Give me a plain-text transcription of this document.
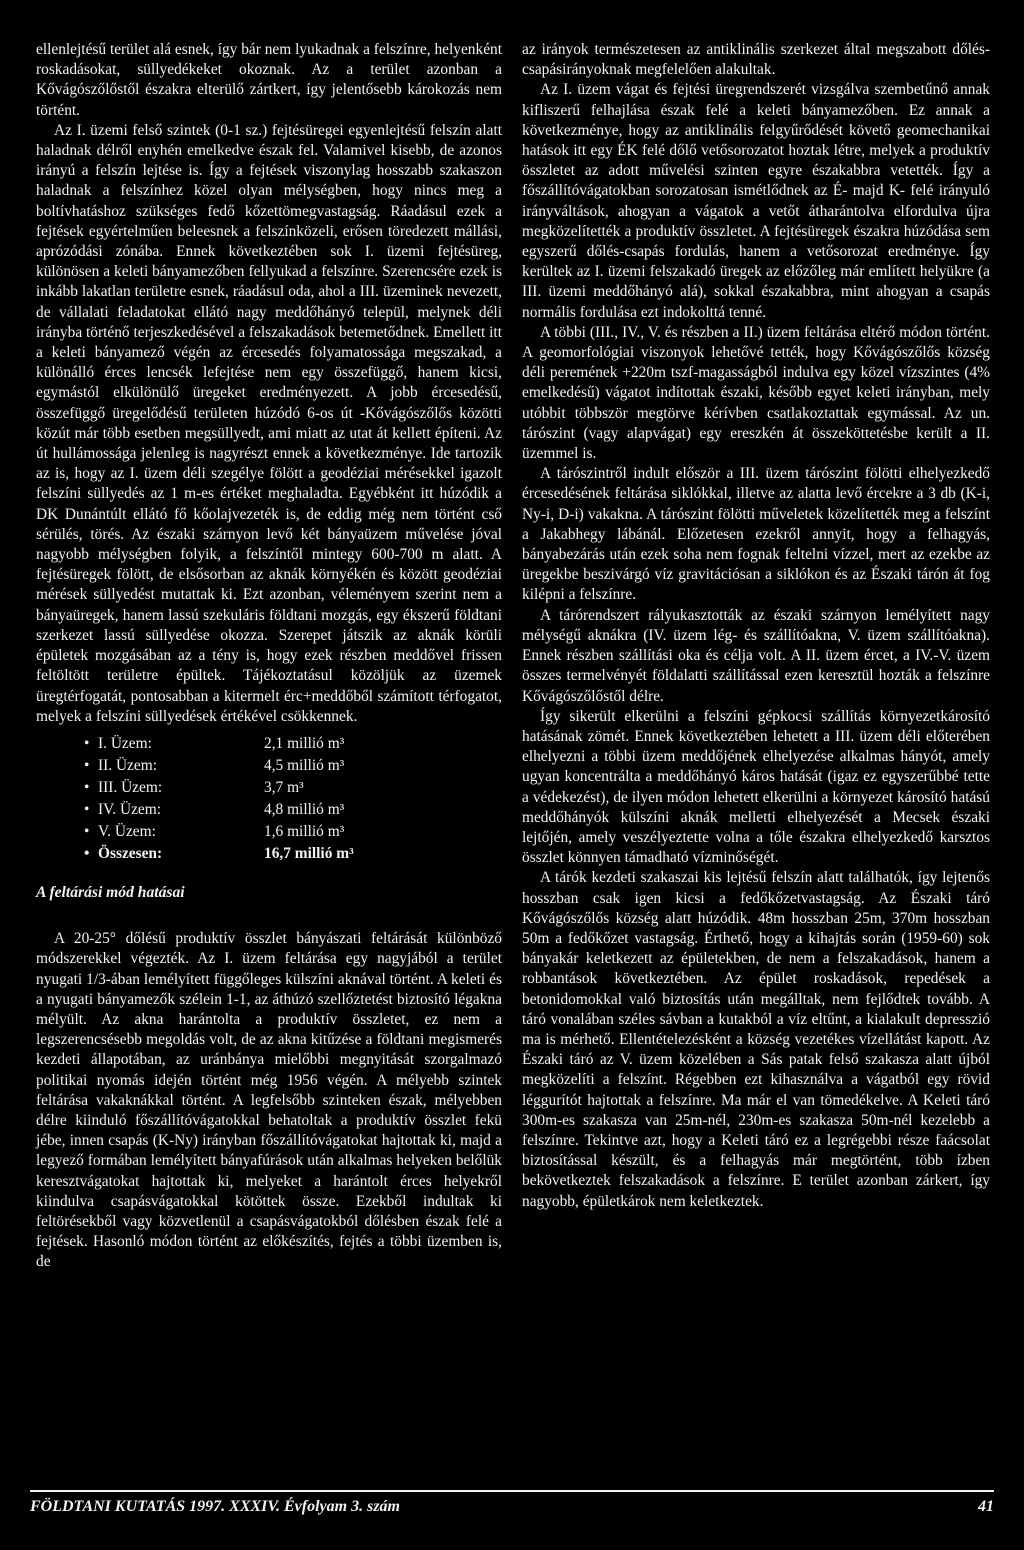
ellenlejtésű terület alá esnek, így bár nem lyukadnak a felszínre, helyenként roskadásokat, süllyedékeket okoznak. Az a terület azonban a Kővágószőlőstől északra elterülő zártkert, így jelentősebb károkozás nem történt.

Az I. üzemi felső szintek (0-1 sz.) fejtésüregei egyenlejtésű felszín alatt haladnak délről enyhén emelkedve észak fel. Valamivel kisebb, de azonos irányú a felszín lejtése is. Így a fejtések viszonylag hosszabb szakaszon haladnak a felszínhez közel olyan mélységben, hogy nincs meg a boltívhatáshoz szükséges fedő kőzettömegvastagság. Ráadásul ezek a fejtések egyértelműen beleesnek a felszínközeli, erősen töredezett mállási, aprózódási zónába. Ennek következtében sok I. üzemi fejtésüreg, különösen a keleti bányamezőben fellyukad a felszínre. Szerencsére ezek is inkább lakatlan területre esnek, ráadásul oda, ahol a III. üzeminek nevezett, de vállalati feladatokat ellátó nagy meddőhányó települ, melynek déli irányba történő terjeszkedésével a felszakadások betemetődnek. Emellett itt a keleti bányamező végén az ércesedés folyamatossága megszakad, a különálló érces lencsék lefejtése nem egy összefüggő, hanem kicsi, egymástól elkülönülő üregeket eredményezett. A jobb ércesedésű, összefüggő üregelődésű területen húzódó 6-os út -Kővágószőlős közötti közút már több esetben megsüllyedt, ami miatt az utat át kellett építeni. Az út hullámossága jelenleg is nagyrészt ennek a következménye. Ide tartozik az is, hogy az I. üzem déli szegélye fölött a geodéziai mérésekkel igazolt felszíni süllyedés az 1 m-es értéket meghaladta. Egyébként itt húzódik a DK Dunántúlt ellátó fő kőolajvezeték is, de eddig még nem történt cső sérülés, törés. Az északi szárnyon levő két bányaüzem művelése jóval nagyobb mélységben folyik, a felszíntől mintegy 600-700 m alatt. A fejtésüregek fölött, de elsősorban az aknák környékén és között geodéziai mérések süllyedést mutattak ki. Ezt azonban, véleményem szerint nem a bányaüregek, hanem lassú szekuláris földtani mozgás, egy ékszerű földtani szerkezet lassú süllyedése okozza. Szerepet játszik az aknák körüli épületek mozgásában az a tény is, hogy ezek részben meddővel frissen feltöltött területre épültek. Tájékoztatásul közöljük az üzemek üregtérfogatát, pontosabban a kitermelt érc+meddőből számított térfogatot, melyek a felszíni süllyedések értékével csökkennek.

• I. Üzem:	2,1 millió m³
• II. Üzem:	4,5 millió m³
• III. Üzem:	3,7 m³
• IV. Üzem:	4,8 millió m³
• V. Üzem:	1,6 millió m³
• Összesen:	16,7 millió m³
A feltárási mód hatásai

A 20-25° dőlésű produktív összlet bányászati feltárását különböző módszerekkel végezték. Az I. üzem feltárása egy nagyjából a terület nyugati 1/3-ában lemélyített függőleges külszíni aknával történt. A keleti és a nyugati bányamezők szélein 1-1, az áthúzó szellőztetést biztosító légakna mélyült. Az akna harántolta a produktív összletet, ez nem a legszerencsésebb megoldás volt, de az akna kitűzése a földtani megismerés kezdeti állapotában, az uránbánya mielőbbi megnyitását szorgalmazó politikai nyomás idején történt még 1956 végén. A mélyebb szintek feltárása vakaknákkal történt. A legfelsőbb szinteken észak, mélyebben délre kiinduló főszállítóvágatokkal behatoltak a produktív összlet fekü jébe, innen csapás (K-Ny) irányban főszállítóvágatokat hajtottak ki, majd a legyező formában lemélyített bányafúrások után alkalmas helyeken belőlük keresztvágatokat hajtottak ki, melyeket a harántolt érces helyekről kiindulva csapásvágatokkal kötöttek össze. Ezekből indultak ki feltörésekből vagy közvetlenül a csapásvágatokból dőlésben észak felé a fejtések. Hasonló módon történt az előkészítés, fejtés a többi üzemben is, de

az irányok természetesen az antiklinális szerkezet által megszabott dőlés-csapásirányoknak megfelelően alakultak.

Az I. üzem vágat és fejtési üregrendszerét vizsgálva szembetűnő annak kifliszerű felhajlása észak felé a keleti bányamezőben. Ez annak a következménye, hogy az antiklinális felgyűrődését követő geomechanikai hatások itt egy ÉK felé dőlő vetősorozatot hoztak létre, melyek a produktív összletet az adott művelési szinten egyre északabbra vetették. Így a főszállítóvágatokban sorozatosan ismétlődnek az É- majd K- felé irányuló irányváltások, ahogyan a vágatok a vetőt átharántolva elfordulva újra megközelítették a produktív összletet. A fejtésüregek északra húzódása sem egyszerű dőlés-csapás fordulás, hanem a vetősorozat eredménye. Így kerültek az I. üzemi felszakadó üregek az előzőleg már említett helyükre (a III. üzemi meddőhányó alá), sokkal északabbra, mint ahogyan a csapás normális fordulása ezt indokolttá tenné.

A többi (III., IV., V. és részben a II.) üzem feltárása eltérő módon történt. A geomorfológiai viszonyok lehetővé tették, hogy Kővágószőlős község déli peremének +220m tszf-magasságból indulva egy közel vízszintes (4% emelkedésű) vágatot indítottak északi, később egyet keleti irányban, mely utóbbit többször megtörve kérívben csatlakoztattak egymással. Az un. tárószint (vagy alapvágat) egy ereszkén át összeköttetésbe került a II. üzemmel is.

A tárószintről indult először a III. üzem tárószint fölötti elhelyezkedő ércesedésének feltárása siklókkal, illetve az alatta levő ércekre a 3 db (K-i, Ny-i, D-i) vakakna. A tárószint fölötti műveletek közelítették meg a felszínt a Jakabhegy lábánál. Előzetesen ezekről annyit, hogy a felhagyás, bányabezárás után ezek soha nem fognak feltelni vízzel, mert az ezekbe az üregekbe beszivárgó víz gravitációsan a siklókon és az Északi tárón át fog kilépni a felszínre.

A tárórendszert rályukasztották az északi szárnyon lemélyített nagy mélységű aknákra (IV. üzem lég- és szállítóakna, V. üzem szállítóakna). Ennek részben szállítási oka és célja volt. A II. üzem ércet, a IV.-V. üzem összes termelvényét földalatti szállítással ezen keresztül hozták a felszínre Kővágószőlőstől délre.

Így sikerült elkerülni a felszíni gépkocsi szállítás környezetkárosító hatásának zömét. Ennek következtében lehetett a III. üzem déli előterében elhelyezni a többi üzem meddőjének elhelyezése alkalmas hányót, amely ugyan koncentrálta a meddőhányó káros hatását (igaz ez egyszerűbbé tette a védekezést), de ilyen módon lehetett elkerülni a környezet károsító hatású meddőhányók külszíni aknák melletti elhelyezését a Mecsek északi lejtőjén, amely veszélyeztette volna a tőle északra elhelyezkedő karsztos összlet könnyen támadható vízminőségét.

A tárók kezdeti szakaszai kis lejtésű felszín alatt találhatók, így lejtenős hosszban csak igen kicsi a fedőkőzetvastagság. Az Északi táró Kővágószőlős község alatt húzódik. 48m hosszban 25m, 370m hosszban 50m a fedőkőzet vastagság. Érthető, hogy a kihajtás során (1959-60) sok bányakár keletkezett az épületekben, de nem a felszakadások, hanem a robbantások következtében. Az épület roskadások, repedések a betonidomokkal való biztosítás után megálltak, nem fejlődtek tovább. A táró vonalában széles sávban a kutakból a víz eltűnt, a kialakult depresszió ma is mérhető. Ellentételezésként a község vezetékes vízellátást kapott. Az Északi táró az V. üzem közelében a Sás patak felső szakasza alatt újból megközelíti a felszínt. Régebben ezt kihasználva a vágatból egy rövid léggurítót hajtottak a felszínre. Ma már el van tömedékelve. A Keleti táró 300m-es szakasza van 25m-nél, 230m-es szakasza 50m-nél kezelebb a felszínre. Tekintve azt, hogy a Keleti táró ez a legrégebbi része faácsolat biztosítással készült, és a felhagyás már megtörtént, több ízben bekövetkeztek felszakadások a felszínre. E terület azonban zárkert, így nagyobb, épületkárok nem keletkeztek.

FÖLDTANI KUTATÁS 1997. XXXIV. Évfolyam 3. szám	41
